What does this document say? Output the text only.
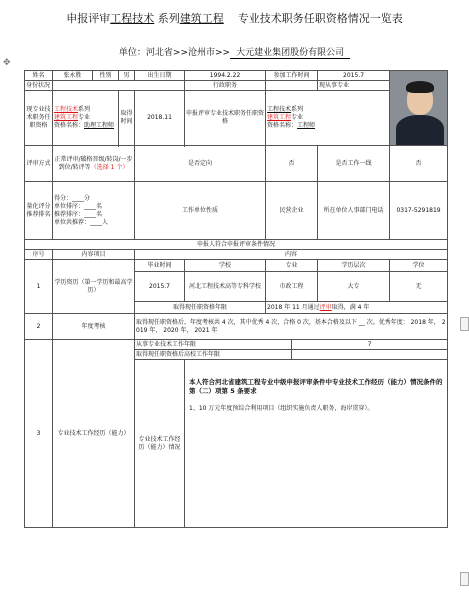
申报评审工程技术 系列建筑工程 专业技术职务任职资格情况一览表
单位：河北省>>沧州市>> 大元建业集团股份有限公司
✥
姓名	张永胜	性别	男	出生日期	1994.2.22	参加工作时间		2015.7	

身份状况					行政职务			现从事专业	
现专业技术职务任职资格	工程技术系列
建筑工程专业
资格名称：助理工程师		取得时间	2018.11	申报评审专业技术职务任职资格	工程技术系列
建筑工程专业
资格名称：工程师			

评审方式	正常评审/破格晋级/转岗/一步到位/转评等（选择 1 个）			是否定向		否		是否工作一线	否
量化评分推荐排名	得分：____分
单位排序：____名
推荐排序：____名
单位共推荐：____人			工作单位性质		民营企业		所在单位人事部门电话	0317-5291819
申报人符合申报评审条件情况									
序号	内容项目			内容					
1	学历资历（第一学历和最高学历）			毕业时间	学校	专业		学历层次	学位
				2015.7	河北工程技术高等专科学校	市政工程		大专	无
				取得现任职资格年限		2018 年 11 月通过评审取得，满 4 年			
2	年度考核			取得现任职资格后，年度考核共 4 次，其中优秀 4 次，合格 0 次，基本合格及以下 __ 次。优秀年度： 2018 年， 2019 年， 2020 年， 2021 年					
3	专业技术工作经历（能力）			从事专业技术工作年限			7		
				取得现任职资格后高校工作年限					
				专业技术工作经历（能力）情况	本人符合河北省建筑工程专业中级申报评审条件中专业技术工作经历（能力）情况条件的第（二）项第 5 条要求
1、10 万元年度预综合利用项目（组织实施负责人职务，海岸贯穿）。				
